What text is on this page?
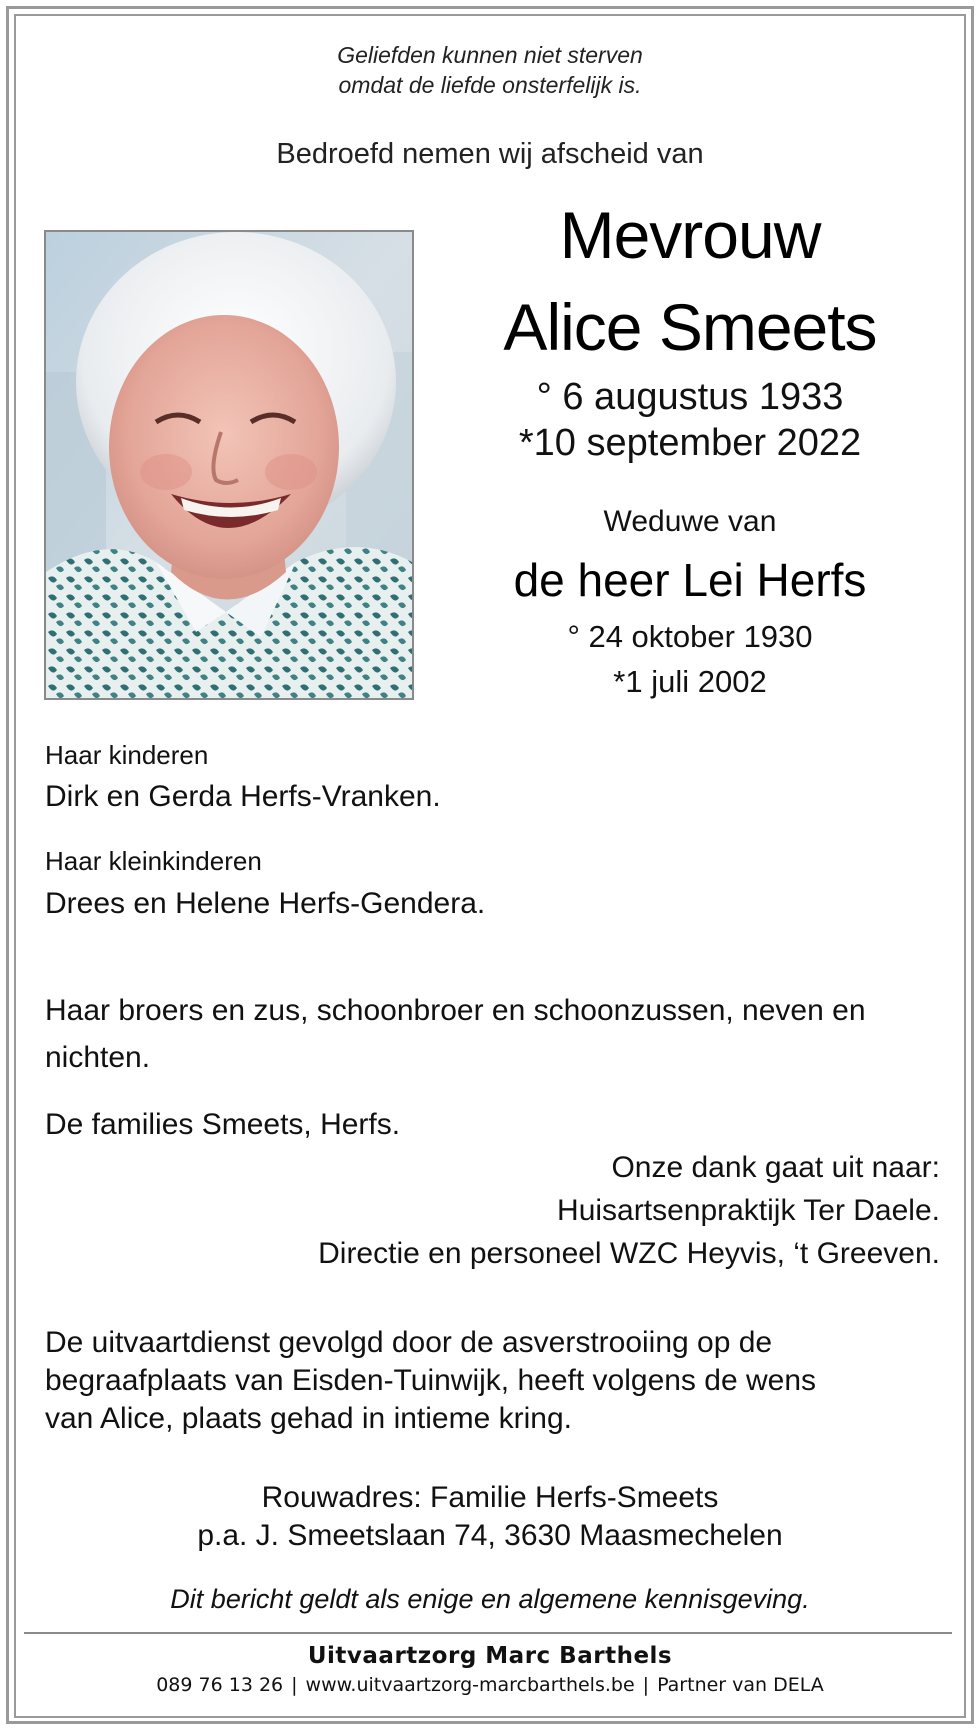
Geliefden kunnen niet sterven
omdat de liefde onsterfelijk is.
Bedroefd nemen wij afscheid van
Mevrouw
Alice Smeets
° 6 augustus 1933
*10 september 2022
Weduwe van
de heer Lei Herfs
° 24 oktober 1930
*1 juli 2002
Haar kinderen
Dirk en Gerda Herfs-Vranken.
Haar kleinkinderen
Drees en Helene Herfs-Gendera.
Haar broers en zus, schoonbroer en schoonzussen, neven en
nichten.
De families Smeets, Herfs.
Onze dank gaat uit naar:
Huisartsenpraktijk Ter Daele.
Directie en personeel WZC Heyvis, ‘t Greeven.
De uitvaartdienst gevolgd door de asverstrooiing op de
begraafplaats van Eisden-Tuinwijk, heeft volgens de wens
van Alice, plaats gehad in intieme kring.
Rouwadres: Familie Herfs-Smeets
p.a. J. Smeetslaan 74, 3630 Maasmechelen
Dit bericht geldt als enige en algemene kennisgeving.
Uitvaartzorg Marc Barthels
089 76 13 26 | www.uitvaartzorg-marcbarthels.be | Partner van DELA
